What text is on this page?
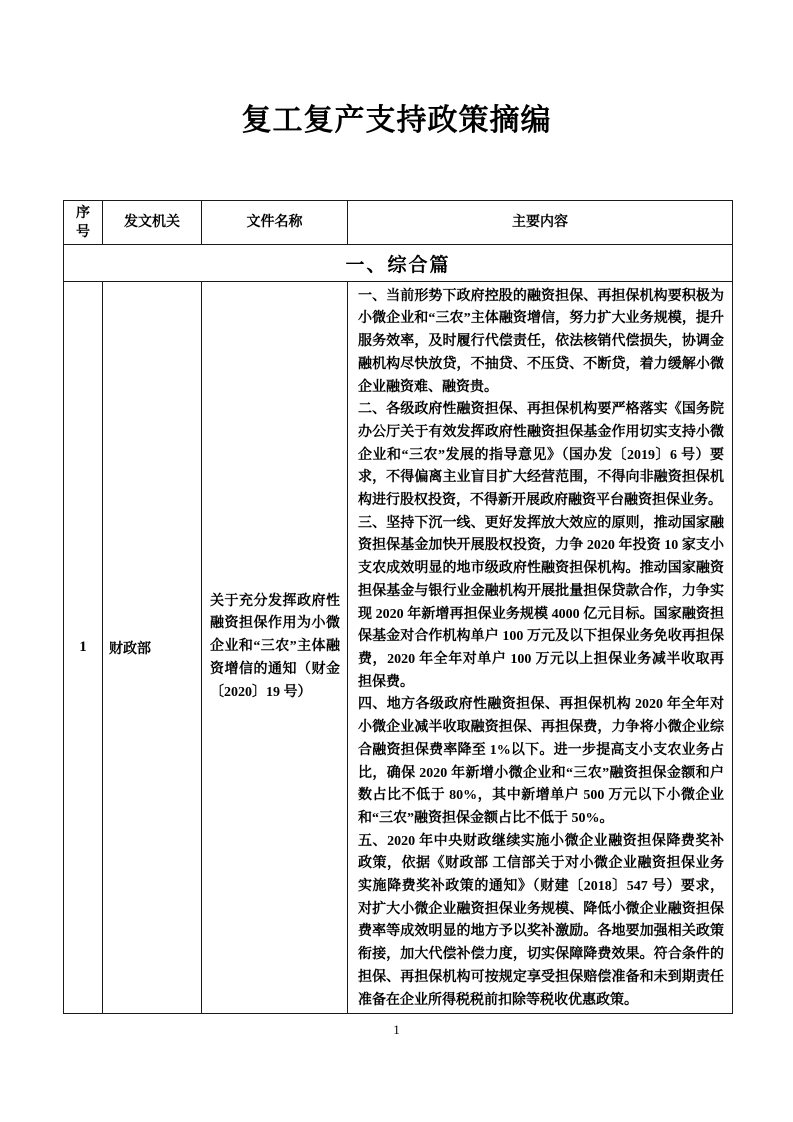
复工复产支持政策摘编
序号	发文机关	文件名称	主要内容
一、综合篇			
1	财政部	关于充分发挥政府性融资担保作用为小微企业和“三农”主体融资增信的通知（财金〔2020〕19 号）	一、当前形势下政府控股的融资担保、再担保机构要积极为小微企业和“三农”主体融资增信，努力扩大业务规模，提升服务效率，及时履行代偿责任，依法核销代偿损失，协调金融机构尽快放贷，不抽贷、不压贷、不断贷，着力缓解小微企业融资难、融资贵。

二、各级政府性融资担保、再担保机构要严格落实《国务院办公厅关于有效发挥政府性融资担保基金作用切实支持小微企业和“三农”发展的指导意见》（国办发〔2019〕6 号）要求，不得偏离主业盲目扩大经营范围，不得向非融资担保机构进行股权投资，不得新开展政府融资平台融资担保业务。

三、坚持下沉一线、更好发挥放大效应的原则，推动国家融资担保基金加快开展股权投资，力争 2020 年投资 10 家支小支农成效明显的地市级政府性融资担保机构。推动国家融资担保基金与银行业金融机构开展批量担保贷款合作，力争实现 2020 年新增再担保业务规模 4000 亿元目标。国家融资担保基金对合作机构单户 100 万元及以下担保业务免收再担保费，2020 年全年对单户 100 万元以上担保业务减半收取再担保费。

四、地方各级政府性融资担保、再担保机构 2020 年全年对小微企业减半收取融资担保、再担保费，力争将小微企业综合融资担保费率降至 1%以下。进一步提高支小支农业务占比，确保 2020 年新增小微企业和“三农”融资担保金额和户数占比不低于 80%，其中新增单户 500 万元以下小微企业和“三农”融资担保金额占比不低于 50%。

五、2020 年中央财政继续实施小微企业融资担保降费奖补政策，依据《财政部 工信部关于对小微企业融资担保业务实施降费奖补政策的通知》（财建〔2018〕547 号）要求，对扩大小微企业融资担保业务规模、降低小微企业融资担保费率等成效明显的地方予以奖补激励。各地要加强相关政策衔接，加大代偿补偿力度，切实保障降费效果。符合条件的担保、再担保机构可按规定享受担保赔偿准备和未到期责任准备在企业所得税税前扣除等税收优惠政策。

1
